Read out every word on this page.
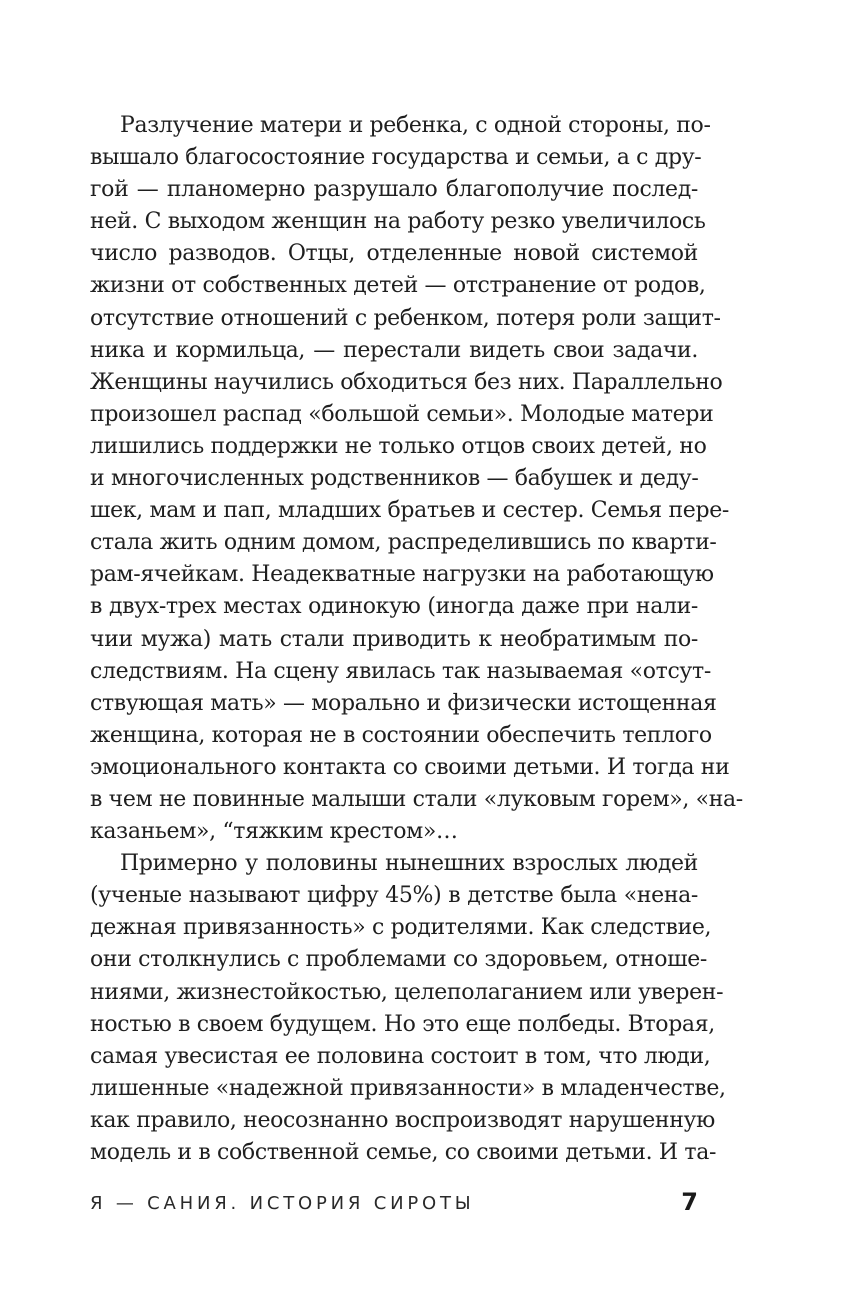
Разлучение матери и ребенка, с одной стороны, по-
вышало благосостояние государства и семьи, а с дру-
гой — планомерно разрушало благополучие послед-
ней. С выходом женщин на работу резко увеличилось
число разводов. Отцы, отделенные новой системой
жизни от собственных детей — отстранение от родов,
отсутствие отношений с ребенком, потеря роли защит-
ника и кормильца, — перестали видеть свои задачи.
Женщины научились обходиться без них. Параллельно
произошел распад «большой семьи». Молодые матери
лишились поддержки не только отцов своих детей, но
и многочисленных родственников — бабушек и деду-
шек, мам и пап, младших братьев и сестер. Семья пере-
стала жить одним домом, распределившись по кварти-
рам-ячейкам. Неадекватные нагрузки на работающую
в двух-трех местах одинокую (иногда даже при нали-
чии мужа) мать стали приводить к необратимым по-
следствиям. На сцену явилась так называемая «отсут-
ствующая мать» — морально и физически истощенная
женщина, которая не в состоянии обеспечить теплого
эмоционального контакта со своими детьми. И тогда ни
в чем не повинные малыши стали «луковым горем», «на-
казаньем», “тяжким крестом»…
Примерно у половины нынешних взрослых людей
(ученые называют цифру 45%) в детстве была «нена-
дежная привязанность» с родителями. Как следствие,
они столкнулись с проблемами со здоровьем, отноше-
ниями, жизнестойкостью, целеполаганием или уверен-
ностью в своем будущем. Но это еще полбеды. Вторая,
самая увесистая ее половина состоит в том, что люди,
лишенные «надежной привязанности» в младенчестве,
как правило, неосознанно воспроизводят нарушенную
модель и в собственной семье, со своими детьми. И та-
Я — САНИЯ. ИСТОРИЯ СИРОТЫ	7
